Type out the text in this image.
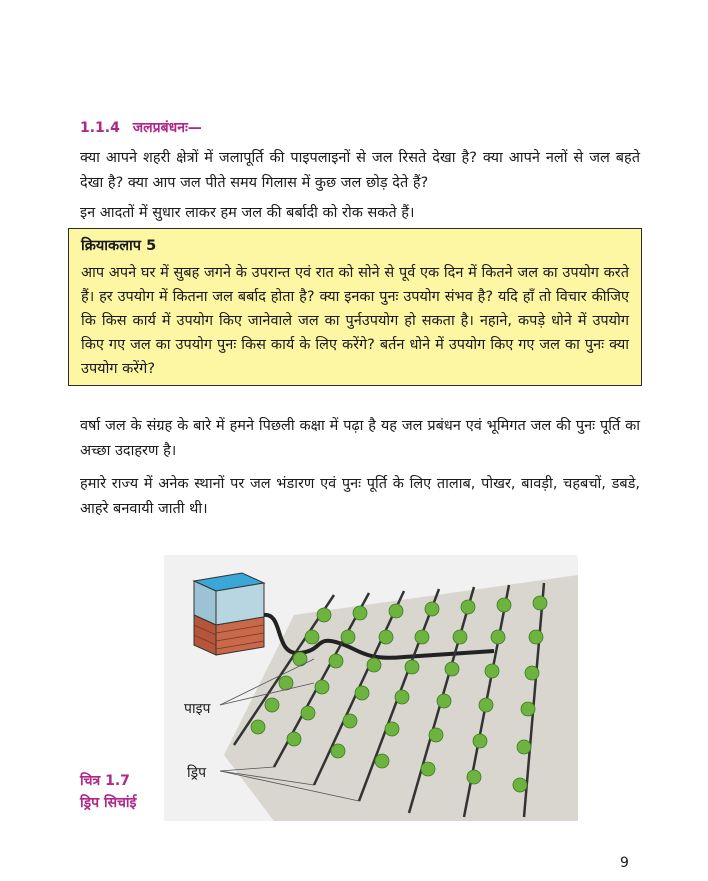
1.1.4 जलप्रबंधनः—
क्या आपने शहरी क्षेत्रों में जलापूर्ति की पाइपलाइनों से जल रिसते देखा है? क्या आपने नलों से जल बहते देखा है? क्या आप जल पीते समय गिलास में कुछ जल छोड़ देते हैं?
इन आदतों में सुधार लाकर हम जल की बर्बादी को रोक सकते हैं।
क्रियाकलाप 5
आप अपने घर में सुबह जगने के उपरान्त एवं रात को सोने से पूर्व एक दिन में कितने जल का उपयोग करते हैं। हर उपयोग में कितना जल बर्बाद होता है? क्या इनका पुनः उपयोग संभव है? यदि हाँ तो विचार कीजिए कि किस कार्य में उपयोग किए जानेवाले जल का पुर्नउपयोग हो सकता है। नहाने, कपड़े धोने में उपयोग किए गए जल का उपयोग पुनः किस कार्य के लिए करेंगे? बर्तन धोने में उपयोग किए गए जल का पुनः क्या उपयोग करेंगे?
वर्षा जल के संग्रह के बारे में हमने पिछली कक्षा में पढ़ा है यह जल प्रबंधन एवं भूमिगत जल की पुनः पूर्ति का अच्छा उदाहरण है।
हमारे राज्य में अनेक स्थानों पर जल भंडारण एवं पुनः पूर्ति के लिए तालाब, पोखर, बावड़ी, चहबचों, डबडे, आहरे बनवायी जाती थी।
पाइप
ड्रिप
चित्र 1.7
ड्रिप सिचांई
9
